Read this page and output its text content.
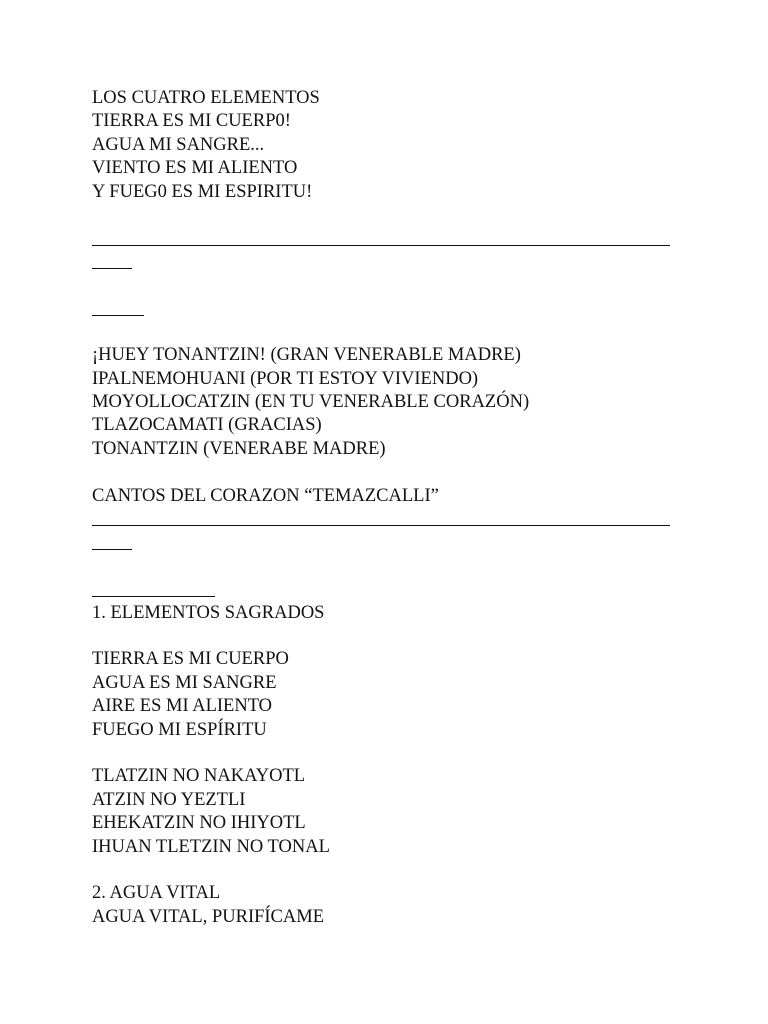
LOS CUATRO ELEMENTOS
TIERRA ES MI CUERP0!
AGUA MI SANGRE...
VIENTO ES MI ALIENTO
Y FUEG0 ES MI ESPIRITU!
¡HUEY TONANTZIN! (GRAN VENERABLE MADRE)
IPALNEMOHUANI (POR TI ESTOY VIVIENDO)
MOYOLLOCATZIN (EN TU VENERABLE CORAZÓN)
TLAZOCAMATI (GRACIAS)
TONANTZIN (VENERABE MADRE)
CANTOS DEL CORAZON “TEMAZCALLI”
1. ELEMENTOS SAGRADOS
TIERRA ES MI CUERPO
AGUA ES MI SANGRE
AIRE ES MI ALIENTO
FUEGO MI ESPÍRITU
TLATZIN NO NAKAYOTL
ATZIN NO YEZTLI
EHEKATZIN NO IHIYOTL
IHUAN TLETZIN NO TONAL
2. AGUA VITAL
AGUA VITAL, PURIFÍCAME
